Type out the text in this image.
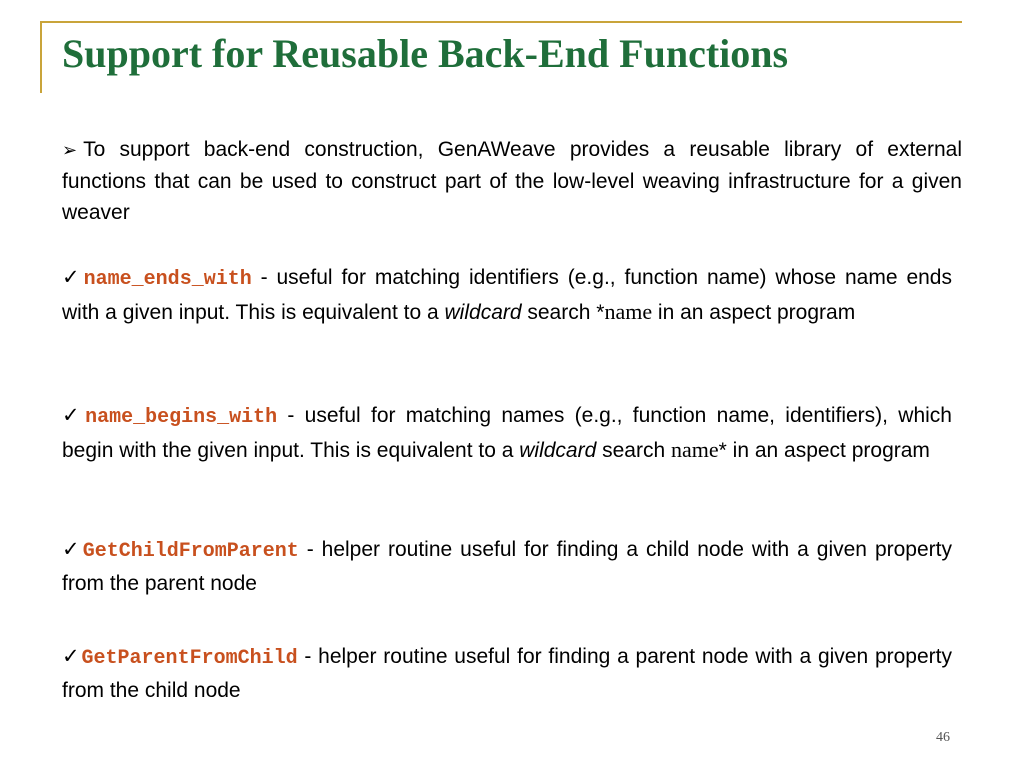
Support for Reusable Back-End Functions
➢ To support back-end construction, GenAWeave provides a reusable library of external functions that can be used to construct part of the low-level weaving infrastructure for a given weaver
✓name_ends_with - useful for matching identifiers (e.g., function name) whose name ends with a given input. This is equivalent to a wildcard search *name in an aspect program
✓name_begins_with - useful for matching names (e.g., function name, identifiers), which begin with the given input. This is equivalent to a wildcard search name* in an aspect program
✓GetChildFromParent - helper routine useful for finding a child node with a given property from the parent node
✓GetParentFromChild - helper routine useful for finding a parent node with a given property from the child node
46
